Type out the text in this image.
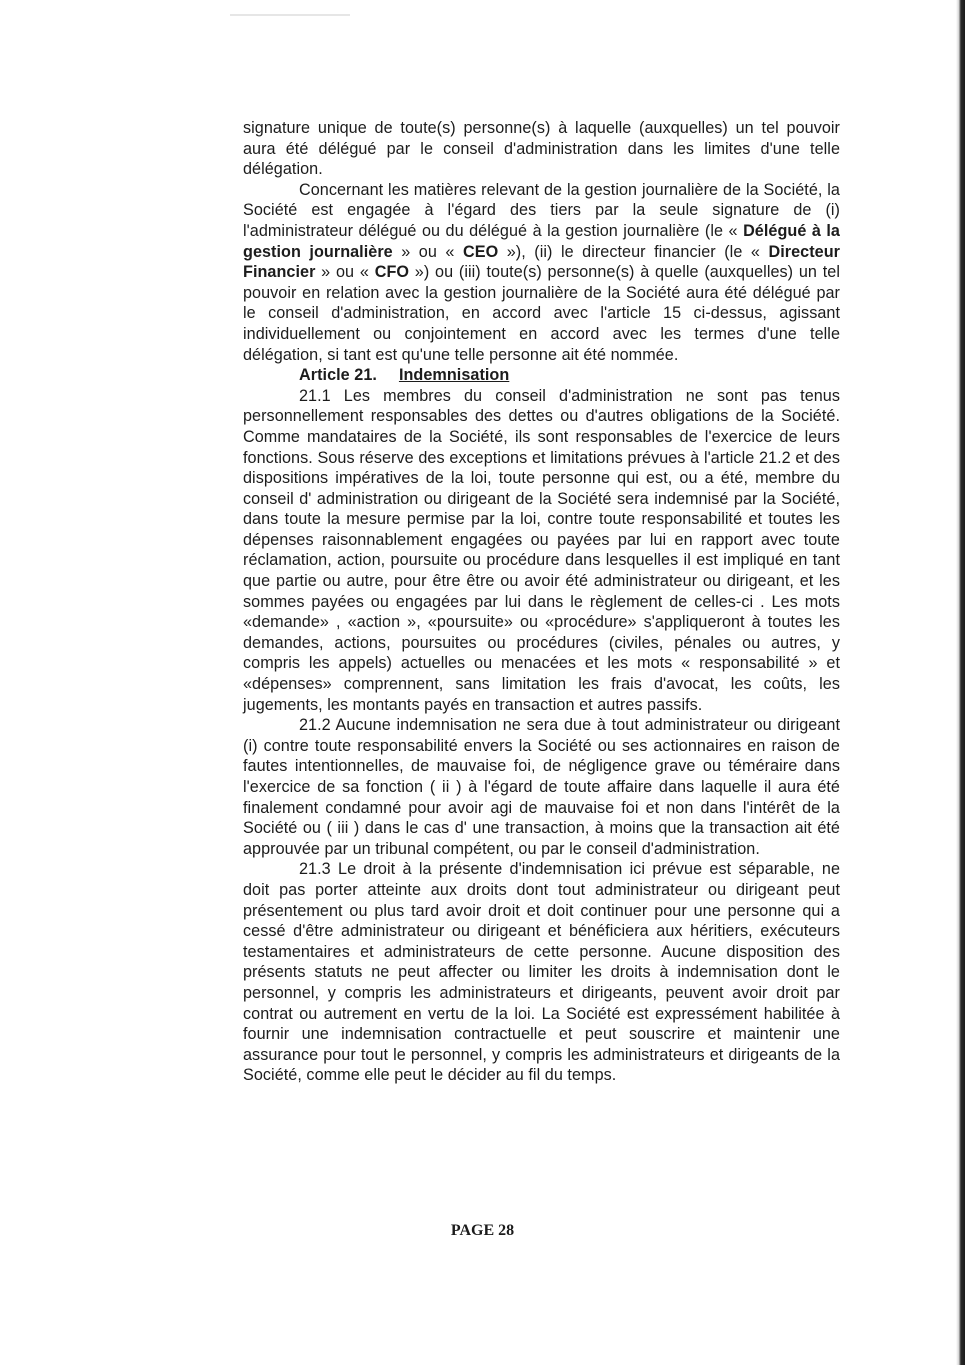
signature unique de toute(s) personne(s) à laquelle (auxquelles) un tel pouvoir aura été délégué par le conseil d'administration dans les limites d'une telle délégation.

Concernant les matières relevant de la gestion journalière de la Société, la Société est engagée à l'égard des tiers par la seule signature de (i) l'administrateur délégué ou du délégué à la gestion journalière (le « Délégué à la gestion journalière » ou « CEO »), (ii) le directeur financier (le « Directeur Financier » ou « CFO ») ou (iii) toute(s) personne(s) à quelle (auxquelles) un tel pouvoir en relation avec la gestion journalière de la Société aura été délégué par le conseil d'administration, en accord avec l'article 15 ci-dessus, agissant individuellement ou conjointement en accord avec les termes d'une telle délégation, si tant est qu'une telle personne ait été nommée.

Article 21. Indemnisation

21.1 Les membres du conseil d'administration ne sont pas tenus personnellement responsables des dettes ou d'autres obligations de la Société. Comme mandataires de la Société, ils sont responsables de l'exercice de leurs fonctions. Sous réserve des exceptions et limitations prévues à l'article 21.2 et des dispositions impératives de la loi, toute personne qui est, ou a été, membre du conseil d' administration ou dirigeant de la Société sera indemnisé par la Société, dans toute la mesure permise par la loi, contre toute responsabilité et toutes les dépenses raisonnablement engagées ou payées par lui en rapport avec toute réclamation, action, poursuite ou procédure dans lesquelles il est impliqué en tant que partie ou autre, pour être être ou avoir été administrateur ou dirigeant, et les sommes payées ou engagées par lui dans le règlement de celles-ci . Les mots «demande» , «action », «poursuite» ou «procédure» s'appliqueront à toutes les demandes, actions, poursuites ou procédures (civiles, pénales ou autres, y compris les appels) actuelles ou menacées et les mots « responsabilité » et «dépenses» comprennent, sans limitation les frais d'avocat, les coûts, les jugements, les montants payés en transaction et autres passifs.

21.2 Aucune indemnisation ne sera due à tout administrateur ou dirigeant (i) contre toute responsabilité envers la Société ou ses actionnaires en raison de fautes intentionnelles, de mauvaise foi, de négligence grave ou téméraire dans l'exercice de sa fonction ( ii ) à l'égard de toute affaire dans laquelle il aura été finalement condamné pour avoir agi de mauvaise foi et non dans l'intérêt de la Société ou ( iii ) dans le cas d' une transaction, à moins que la transaction ait été approuvée par un tribunal compétent, ou par le conseil d'administration.

21.3 Le droit à la présente d'indemnisation ici prévue est séparable, ne doit pas porter atteinte aux droits dont tout administrateur ou dirigeant peut présentement ou plus tard avoir droit et doit continuer pour une personne qui a cessé d'être administrateur ou dirigeant et bénéficiera aux héritiers, exécuteurs testamentaires et administrateurs de cette personne. Aucune disposition des présents statuts ne peut affecter ou limiter les droits à indemnisation dont le personnel, y compris les administrateurs et dirigeants, peuvent avoir droit par contrat ou autrement en vertu de la loi. La Société est expressément habilitée à fournir une indemnisation contractuelle et peut souscrire et maintenir une assurance pour tout le personnel, y compris les administrateurs et dirigeants de la Société, comme elle peut le décider au fil du temps.

PAGE 28
